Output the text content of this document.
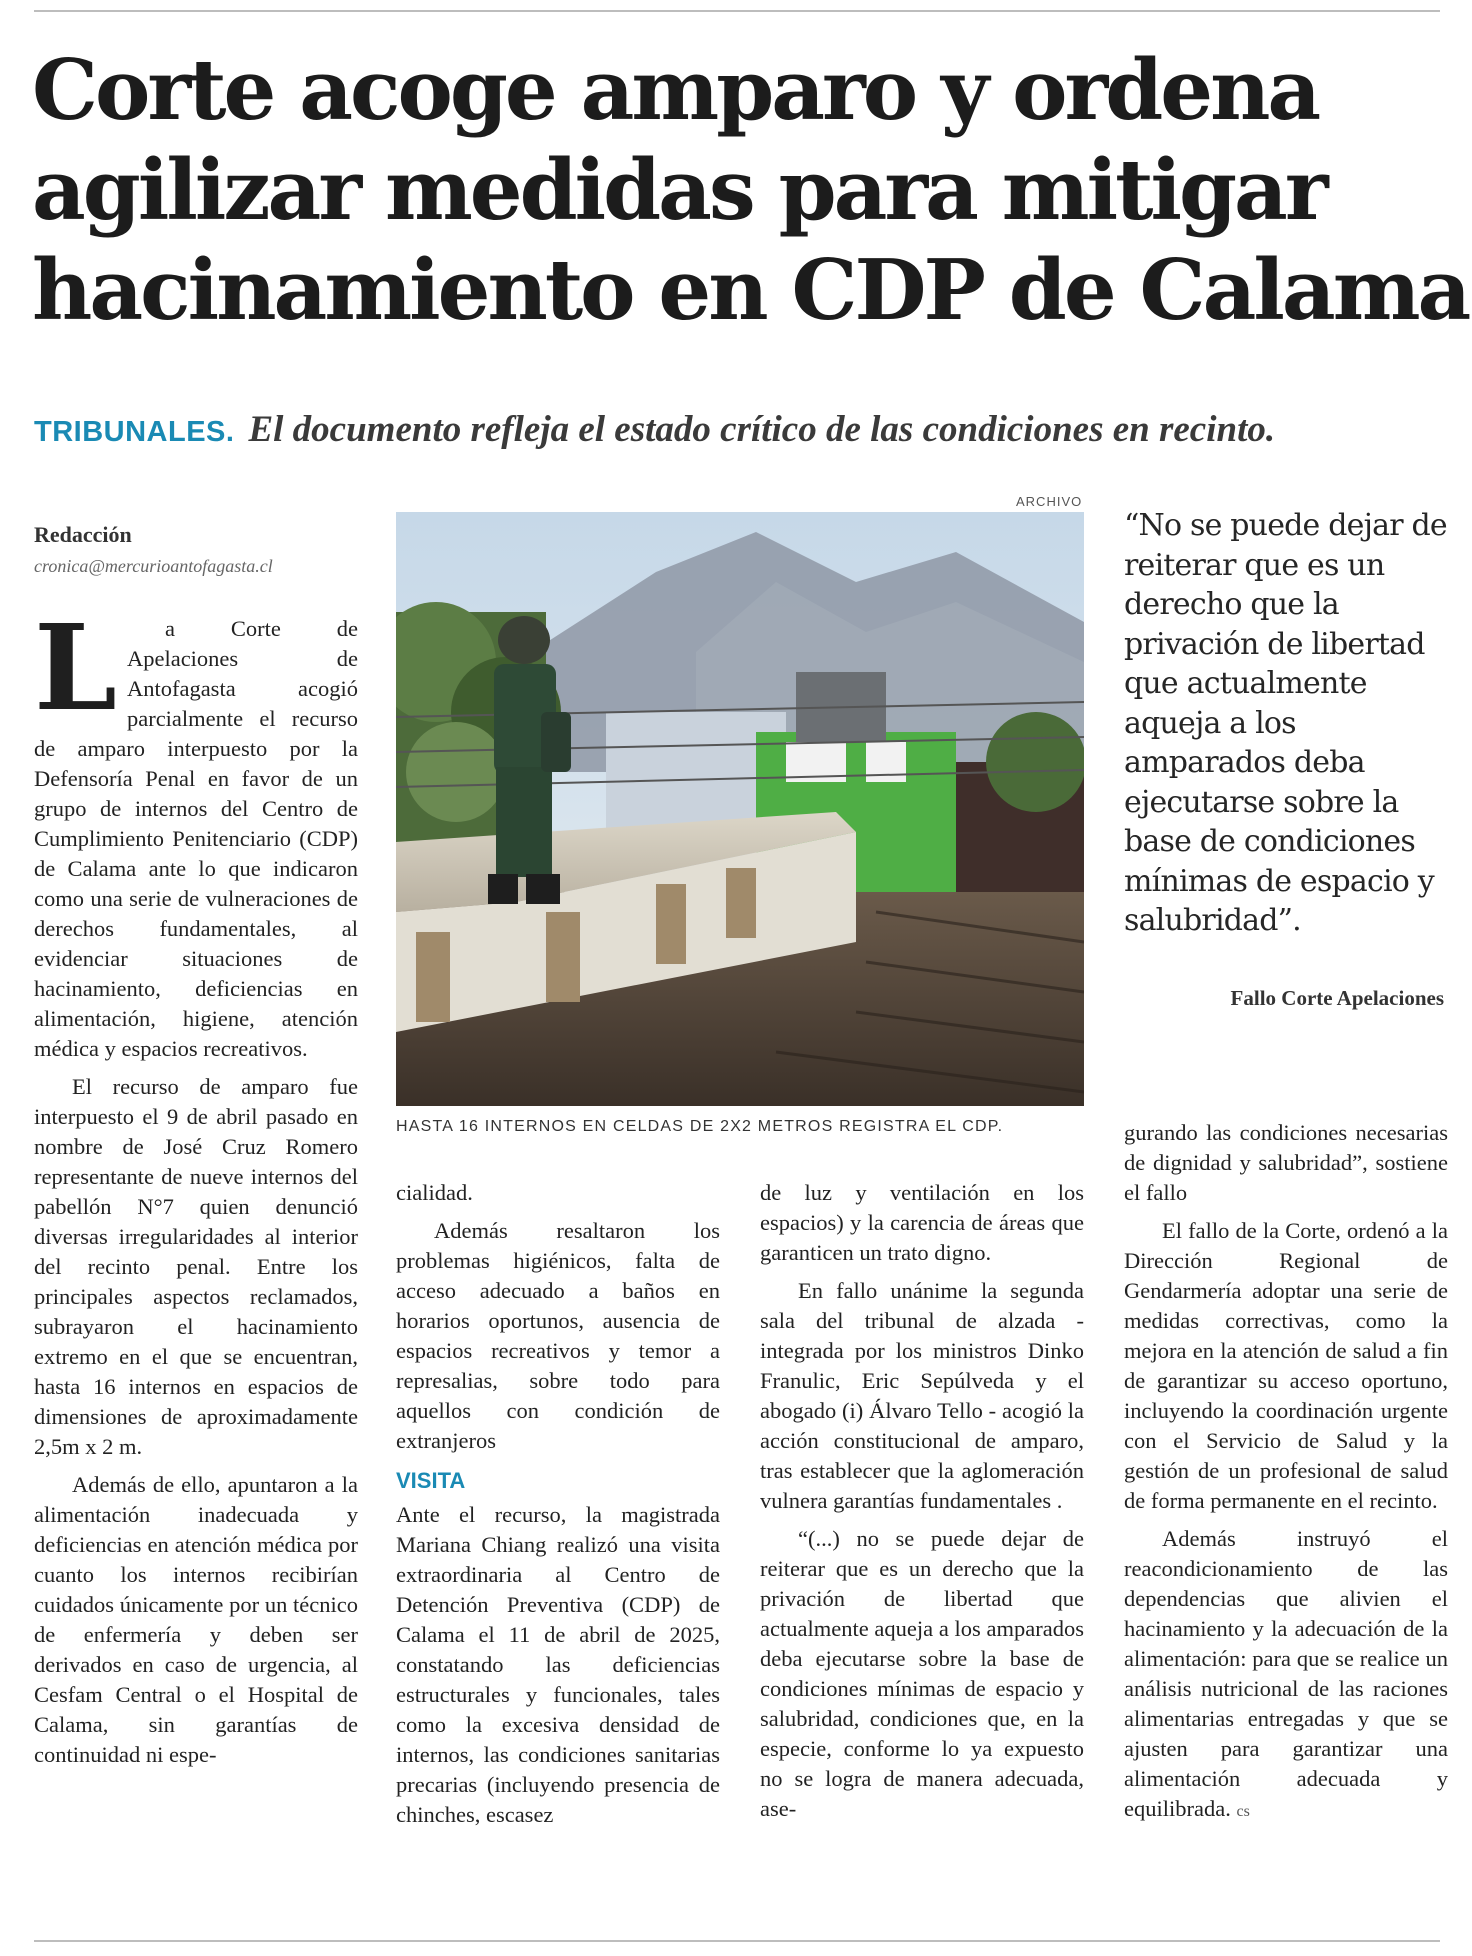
Corte acoge amparo y ordena
agilizar medidas para mitigar
hacinamiento en CDP de Calama
TRIBUNALES. El documento refleja el estado crítico de las condiciones en recinto.
Redacción
cronica@mercurioantofagasta.cl
ARCHIVO
HASTA 16 INTERNOS EN CELDAS DE 2X2 METROS REGISTRA EL CDP.
“No se puede dejar de reiterar que es un derecho que la privación de libertad que actualmente aqueja a los amparados deba ejecutarse sobre la base de condiciones mínimas de espacio y salubridad”.
Fallo Corte Apelaciones

L a Corte de Apelaciones de Antofagasta acogió parcialmente el recurso de amparo interpuesto por la Defensoría Penal en favor de un grupo de internos del Centro de Cumplimiento Penitenciario (CDP) de Calama ante lo que indicaron como una serie de vulneraciones de derechos fundamentales, al evidenciar situaciones de hacinamiento, deficiencias en alimentación, higiene, atención médica y espacios recreativos.

El recurso de amparo fue interpuesto el 9 de abril pasado en nombre de José Cruz Romero representante de nueve internos del pabellón N°7 quien denunció diversas irregularidades al interior del recinto penal. Entre los principales aspectos reclamados, subrayaron el hacinamiento extremo en el que se encuentran, hasta 16 internos en espacios de dimensiones de aproximadamente 2,5m x 2 m.

Además de ello, apuntaron a la alimentación inadecuada y deficiencias en atención médica por cuanto los internos recibirían cuidados únicamente por un técnico de enfermería y deben ser derivados en caso de urgencia, al Cesfam Central o el Hospital de Calama, sin garantías de continuidad ni espe-

cialidad.

Además resaltaron los problemas higiénicos, falta de acceso adecuado a baños en horarios oportunos, ausencia de espacios recreativos y temor a represalias, sobre todo para aquellos con condición de extranjeros

VISITA

Ante el recurso, la magistrada Mariana Chiang realizó una visita extraordinaria al Centro de Detención Preventiva (CDP) de Calama el 11 de abril de 2025, constatando las deficiencias estructurales y funcionales, tales como la excesiva densidad de internos, las condiciones sanitarias precarias (incluyendo presencia de chinches, escasez

de luz y ventilación en los espacios) y la carencia de áreas que garanticen un trato digno.

En fallo unánime la segunda sala del tribunal de alzada -integrada por los ministros Dinko Franulic, Eric Sepúlveda y el abogado (i) Álvaro Tello - acogió la acción constitucional de amparo, tras establecer que la aglomeración vulnera garantías fundamentales .

“(...) no se puede dejar de reiterar que es un derecho que la privación de libertad que actualmente aqueja a los amparados deba ejecutarse sobre la base de condiciones mínimas de espacio y salubridad, condiciones que, en la especie, conforme lo ya expuesto no se logra de manera adecuada, ase-

gurando las condiciones necesarias de dignidad y salubridad”, sostiene el fallo

El fallo de la Corte, ordenó a la Dirección Regional de Gendarmería adoptar una serie de medidas correctivas, como la mejora en la atención de salud a fin de garantizar su acceso oportuno, incluyendo la coordinación urgente con el Servicio de Salud y la gestión de un profesional de salud de forma permanente en el recinto.

Además instruyó el reacondicionamiento de las dependencias que alivien el hacinamiento y la adecuación de la alimentación: para que se realice un análisis nutricional de las raciones alimentarias entregadas y que se ajusten para garantizar una alimentación adecuada y equilibrada. cs
